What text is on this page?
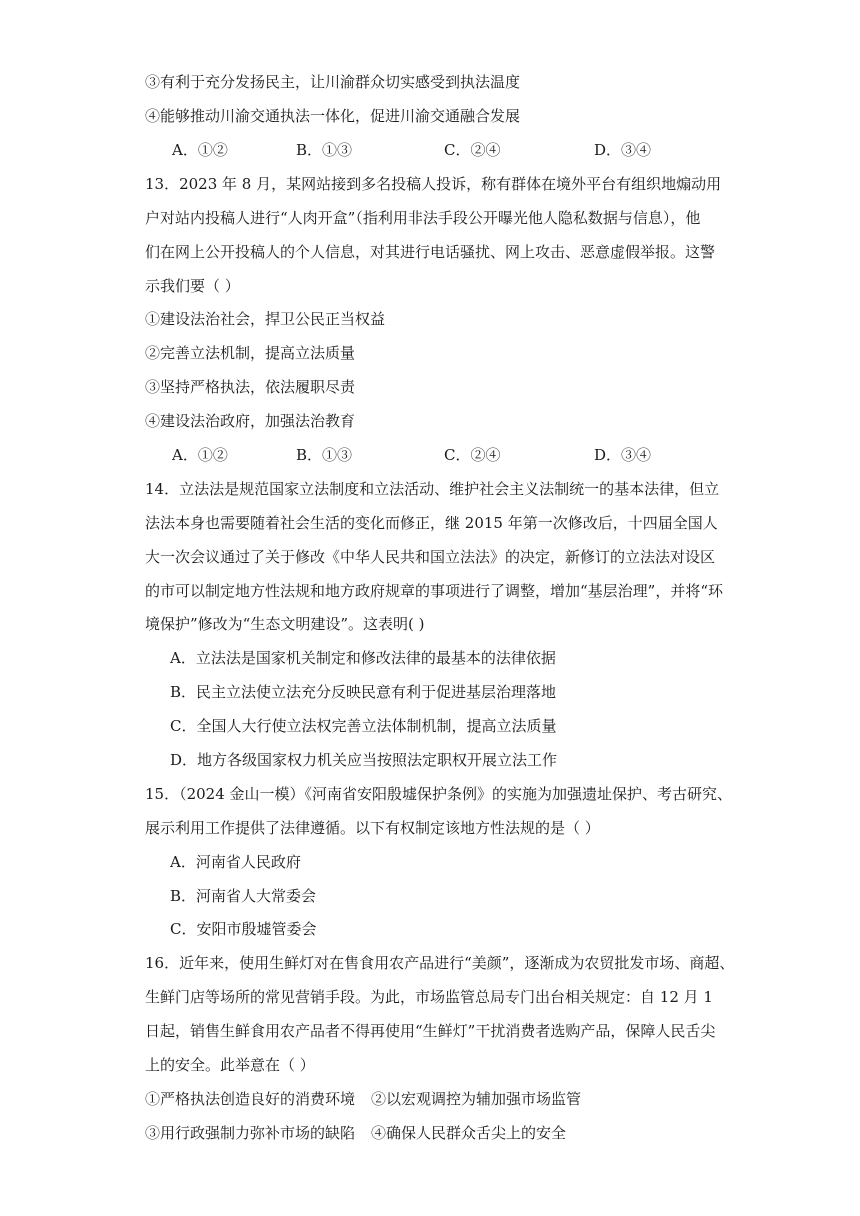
③有利于充分发扬民主，让川渝群众切实感受到执法温度
④能够推动川渝交通执法一体化，促进川渝交通融合发展
A．①②	B．①③	C．②④	D．③④
13．2023 年 8 月，某网站接到多名投稿人投诉，称有群体在境外平台有组织地煽动用
户对站内投稿人进行“人肉开盒”（指利用非法手段公开曝光他人隐私数据与信息），他
们在网上公开投稿人的个人信息，对其进行电话骚扰、网上攻击、恶意虚假举报。这警
示我们要（ ）
①建设法治社会，捍卫公民正当权益
②完善立法机制，提高立法质量
③坚持严格执法，依法履职尽责
④建设法治政府，加强法治教育
A．①②	B．①③	C．②④	D．③④
14．立法法是规范国家立法制度和立法活动、维护社会主义法制统一的基本法律，但立
法法本身也需要随着社会生活的变化而修正，继 2015 年第一次修改后，十四届全国人
大一次会议通过了关于修改《中华人民共和国立法法》的决定，新修订的立法法对设区
的市可以制定地方性法规和地方政府规章的事项进行了调整，增加“基层治理”，并将“环
境保护”修改为“生态文明建设”。这表明( )
A．立法法是国家机关制定和修改法律的最基本的法律依据
B．民主立法使立法充分反映民意有利于促进基层治理落地
C．全国人大行使立法权完善立法体制机制，提高立法质量
D．地方各级国家权力机关应当按照法定职权开展立法工作
15．（2024 金山一模）《河南省安阳殷墟保护条例》的实施为加强遗址保护、考古研究、
展示利用工作提供了法律遵循。以下有权制定该地方性法规的是（ ）
A．河南省人民政府
B．河南省人大常委会
C．安阳市殷墟管委会
16．近年来，使用生鲜灯对在售食用农产品进行“美颜”，逐渐成为农贸批发市场、商超、
生鲜门店等场所的常见营销手段。为此，市场监管总局专门出台相关规定：自 12 月 1
日起，销售生鲜食用农产品者不得再使用“生鲜灯”干扰消费者选购产品，保障人民舌尖
上的安全。此举意在（ ）
①严格执法创造良好的消费环境 ②以宏观调控为辅加强市场监管
③用行政强制力弥补市场的缺陷 ④确保人民群众舌尖上的安全
